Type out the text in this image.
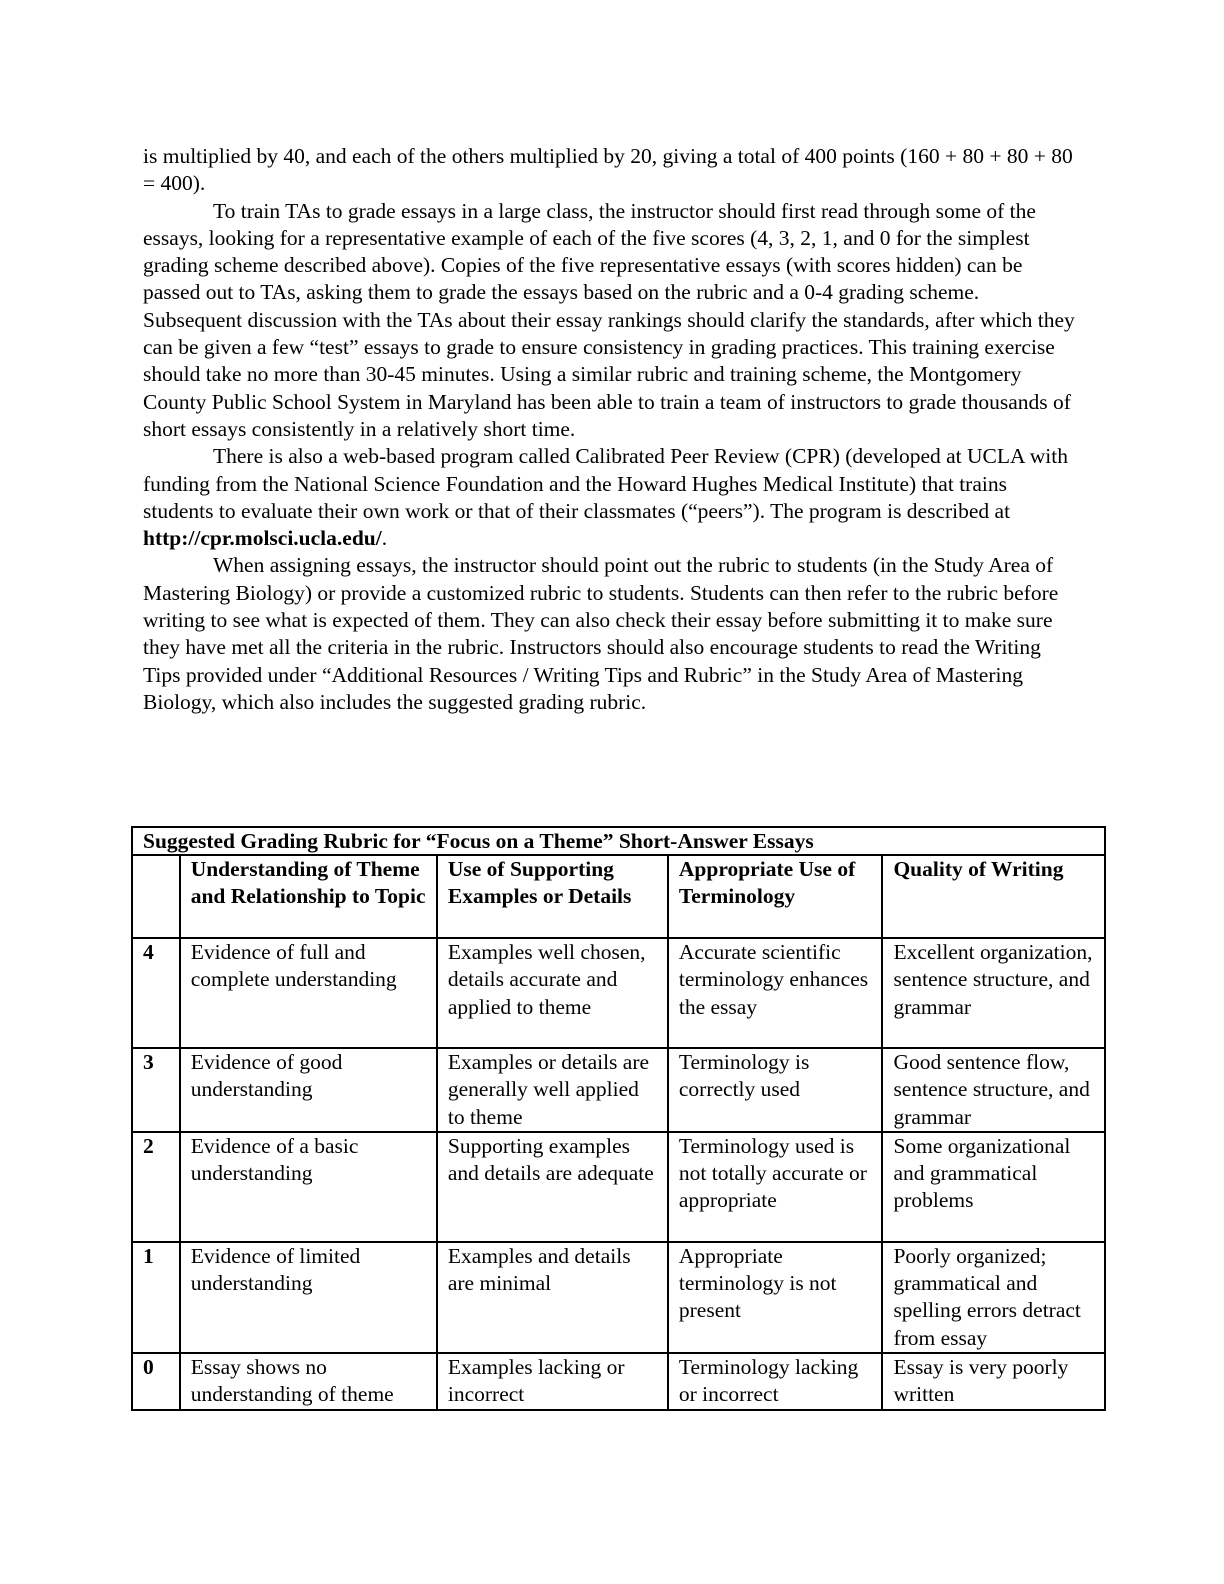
is multiplied by 40, and each of the others multiplied by 20, giving a total of 400 points (160 + 80 + 80 + 80 = 400).

To train TAs to grade essays in a large class, the instructor should first read through some of the essays, looking for a representative example of each of the five scores (4, 3, 2, 1, and 0 for the simplest grading scheme described above). Copies of the five representative essays (with scores hidden) can be passed out to TAs, asking them to grade the essays based on the rubric and a 0-4 grading scheme. Subsequent discussion with the TAs about their essay rankings should clarify the standards, after which they can be given a few “test” essays to grade to ensure consistency in grading practices. This training exercise should take no more than 30-45 minutes. Using a similar rubric and training scheme, the Montgomery County Public School System in Maryland has been able to train a team of instructors to grade thousands of short essays consistently in a relatively short time.

There is also a web-based program called Calibrated Peer Review (CPR) (developed at UCLA with funding from the National Science Foundation and the Howard Hughes Medical Institute) that trains students to evaluate their own work or that of their classmates (“peers”). The program is described at http://cpr.molsci.ucla.edu/.

When assigning essays, the instructor should point out the rubric to students (in the Study Area of Mastering Biology) or provide a customized rubric to students. Students can then refer to the rubric before writing to see what is expected of them. They can also check their essay before submitting it to make sure they have met all the criteria in the rubric. Instructors should also encourage students to read the Writing Tips provided under “Additional Resources / Writing Tips and Rubric” in the Study Area of Mastering Biology, which also includes the suggested grading rubric.

Suggested Grading Rubric for “Focus on a Theme” Short-Answer Essays				
	Understanding of Theme and Relationship to Topic	Use of Supporting Examples or Details	Appropriate Use of Terminology	Quality of Writing
4	Evidence of full and complete understanding	Examples well chosen, details accurate and applied to theme	Accurate scientific terminology enhances the essay	Excellent organization, sentence structure, and grammar
3	Evidence of good understanding	Examples or details are generally well applied to theme	Terminology is correctly used	Good sentence flow, sentence structure, and grammar
2	Evidence of a basic understanding	Supporting examples and details are adequate	Terminology used is not totally accurate or appropriate	Some organizational and grammatical problems
1	Evidence of limited understanding	Examples and details are minimal	Appropriate terminology is not present	Poorly organized; grammatical and spelling errors detract from essay
0	Essay shows no understanding of theme	Examples lacking or incorrect	Terminology lacking or incorrect	Essay is very poorly written
